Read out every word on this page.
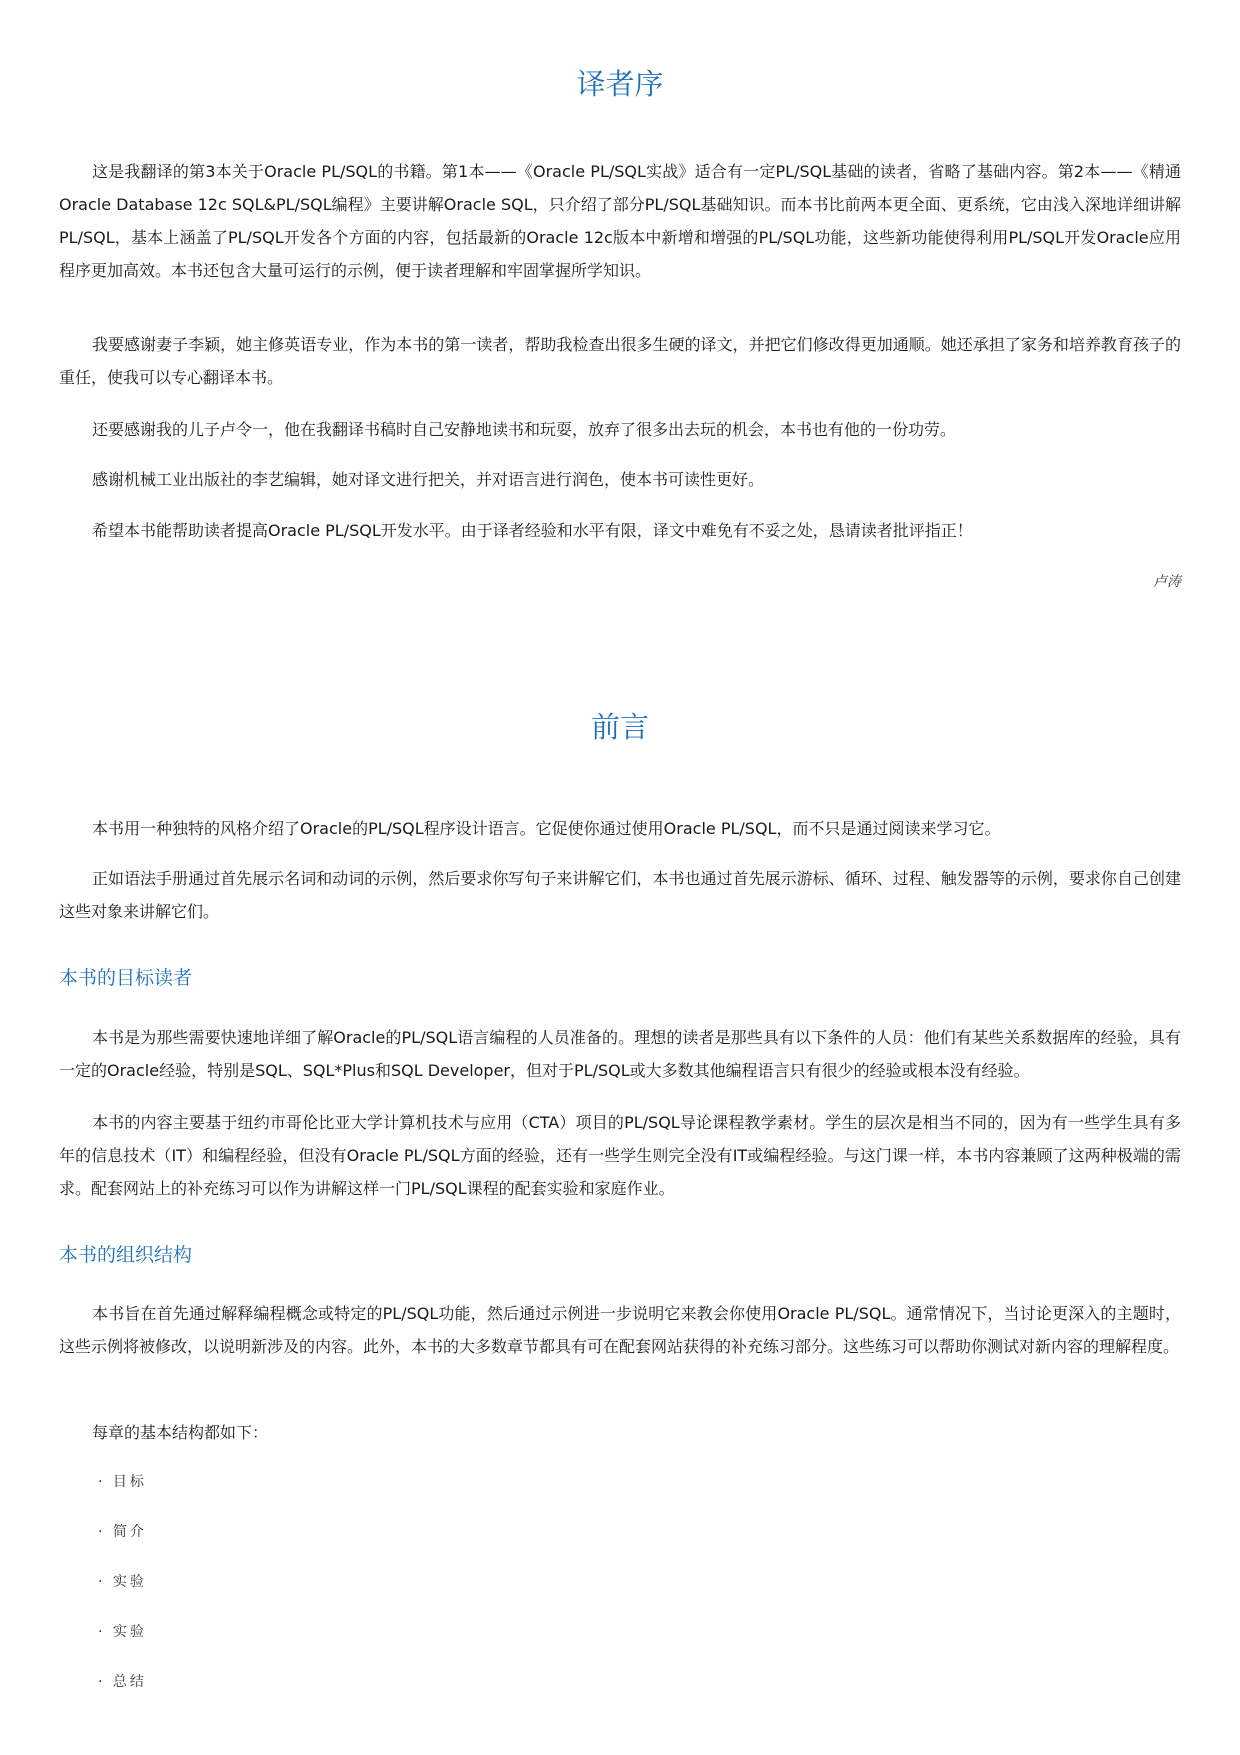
译者序

这是我翻译的第3本关于Oracle PL/SQL的书籍。第1本——《Oracle PL/SQL实战》适合有一定PL/SQL基础的读者，省略了基础内容。第2本——《精通Oracle Database 12c SQL&PL/SQL编程》主要讲解Oracle SQL，只介绍了部分PL/SQL基础知识。而本书比前两本更全面、更系统，它由浅入深地详细讲解PL/SQL，基本上涵盖了PL/SQL开发各个方面的内容，包括最新的Oracle 12c版本中新增和增强的PL/SQL功能，这些新功能使得利用PL/SQL开发Oracle应用程序更加高效。本书还包含大量可运行的示例，便于读者理解和牢固掌握所学知识。

我要感谢妻子李颖，她主修英语专业，作为本书的第一读者，帮助我检查出很多生硬的译文，并把它们修改得更加通顺。她还承担了家务和培养教育孩子的重任，使我可以专心翻译本书。

还要感谢我的儿子卢令一，他在我翻译书稿时自己安静地读书和玩耍，放弃了很多出去玩的机会，本书也有他的一份功劳。

感谢机械工业出版社的李艺编辑，她对译文进行把关，并对语言进行润色，使本书可读性更好。

希望本书能帮助读者提高Oracle PL/SQL开发水平。由于译者经验和水平有限，译文中难免有不妥之处，恳请读者批评指正！

卢涛

前言

本书用一种独特的风格介绍了Oracle的PL/SQL程序设计语言。它促使你通过使用Oracle PL/SQL，而不只是通过阅读来学习它。

正如语法手册通过首先展示名词和动词的示例，然后要求你写句子来讲解它们，本书也通过首先展示游标、循环、过程、触发器等的示例，要求你自己创建这些对象来讲解它们。

本书的目标读者

本书是为那些需要快速地详细了解Oracle的PL/SQL语言编程的人员准备的。理想的读者是那些具有以下条件的人员：他们有某些关系数据库的经验，具有一定的Oracle经验，特别是SQL、SQL*Plus和SQL Developer，但对于PL/SQL或大多数其他编程语言只有很少的经验或根本没有经验。

本书的内容主要基于纽约市哥伦比亚大学计算机技术与应用（CTA）项目的PL/SQL导论课程教学素材。学生的层次是相当不同的，因为有一些学生具有多年的信息技术（IT）和编程经验，但没有Oracle PL/SQL方面的经验，还有一些学生则完全没有IT或编程经验。与这门课一样，本书内容兼顾了这两种极端的需求。配套网站上的补充练习可以作为讲解这样一门PL/SQL课程的配套实验和家庭作业。

本书的组织结构

本书旨在首先通过解释编程概念或特定的PL/SQL功能，然后通过示例进一步说明它来教会你使用Oracle PL/SQL。通常情况下，当讨论更深入的主题时，这些示例将被修改，以说明新涉及的内容。此外，本书的大多数章节都具有可在配套网站获得的补充练习部分。这些练习可以帮助你测试对新内容的理解程度。

每章的基本结构都如下：

· 目标

· 简介

· 实验

· 实验

· 总结
